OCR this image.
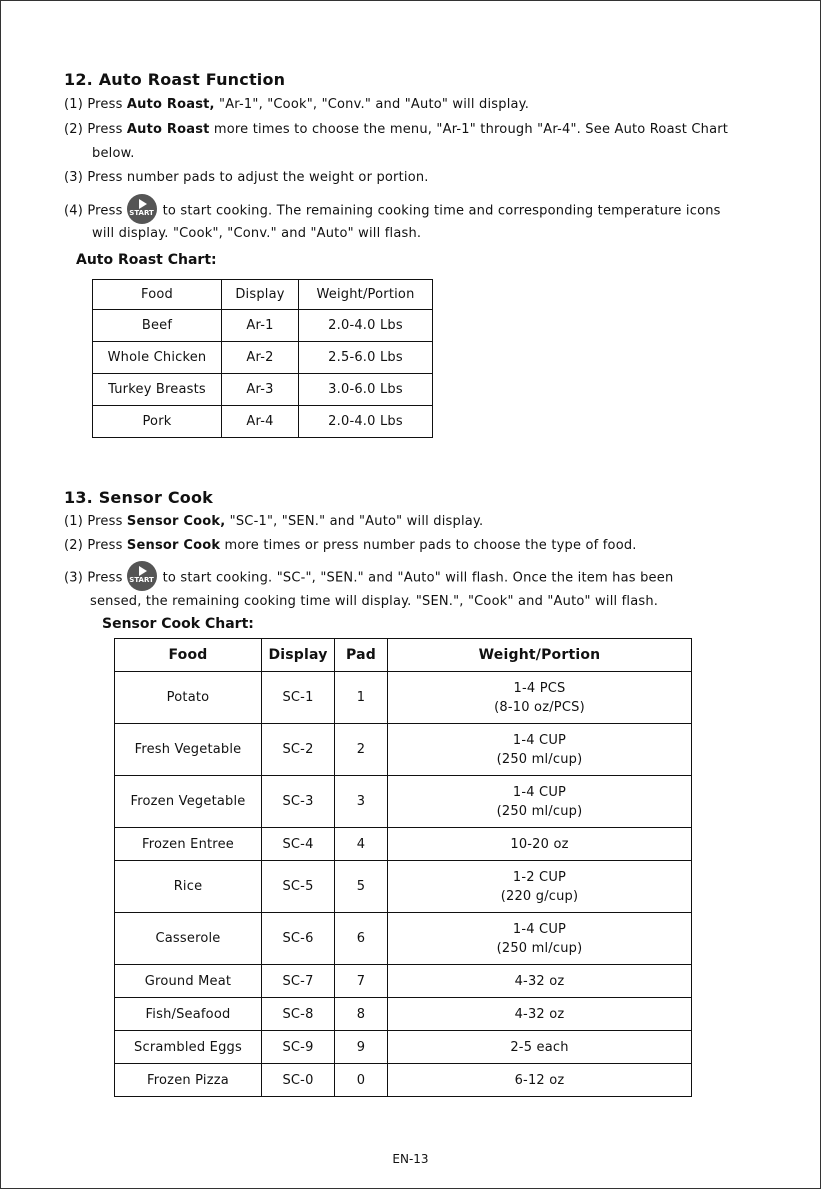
12. Auto Roast Function
(1) Press Auto Roast, "Ar-1", "Cook", "Conv." and "Auto" will display.
(2) Press Auto Roast more times to choose the menu, "Ar-1" through "Ar-4". See Auto Roast Chart
below.
(3) Press number pads to adjust the weight or portion.
(4) Press START to start cooking. The remaining cooking time and corresponding temperature icons
will display. "Cook", "Conv." and "Auto" will flash.
Auto Roast Chart:
Food	Display	Weight/Portion
Beef	Ar-1	2.0-4.0 Lbs
Whole Chicken	Ar-2	2.5-6.0 Lbs
Turkey Breasts	Ar-3	3.0-6.0 Lbs
Pork	Ar-4	2.0-4.0 Lbs
13. Sensor Cook
(1) Press Sensor Cook, "SC-1", "SEN." and "Auto" will display.
(2) Press Sensor Cook more times or press number pads to choose the type of food.
(3) Press START to start cooking. "SC-", "SEN." and "Auto" will flash. Once the item has been
sensed, the remaining cooking time will display. "SEN.", "Cook" and "Auto" will flash.
Sensor Cook Chart:
Food	Display	Pad	Weight/Portion
Potato	SC-1	1	1-4 PCS
(8-10 oz/PCS)

Fresh Vegetable	SC-2	2	1-4 CUP
(250 ml/cup)

Frozen Vegetable	SC-3	3	1-4 CUP
(250 ml/cup)

Frozen Entree	SC-4	4	10-20 oz

Rice	SC-5	5	1-2 CUP
(220 g/cup)

Casserole	SC-6	6	1-4 CUP
(250 ml/cup)

Ground Meat	SC-7	7	4-32 oz

Fish/Seafood	SC-8	8	4-32 oz

Scrambled Eggs	SC-9	9	2-5 each

Frozen Pizza	SC-0	0	6-12 oz
EN-13
